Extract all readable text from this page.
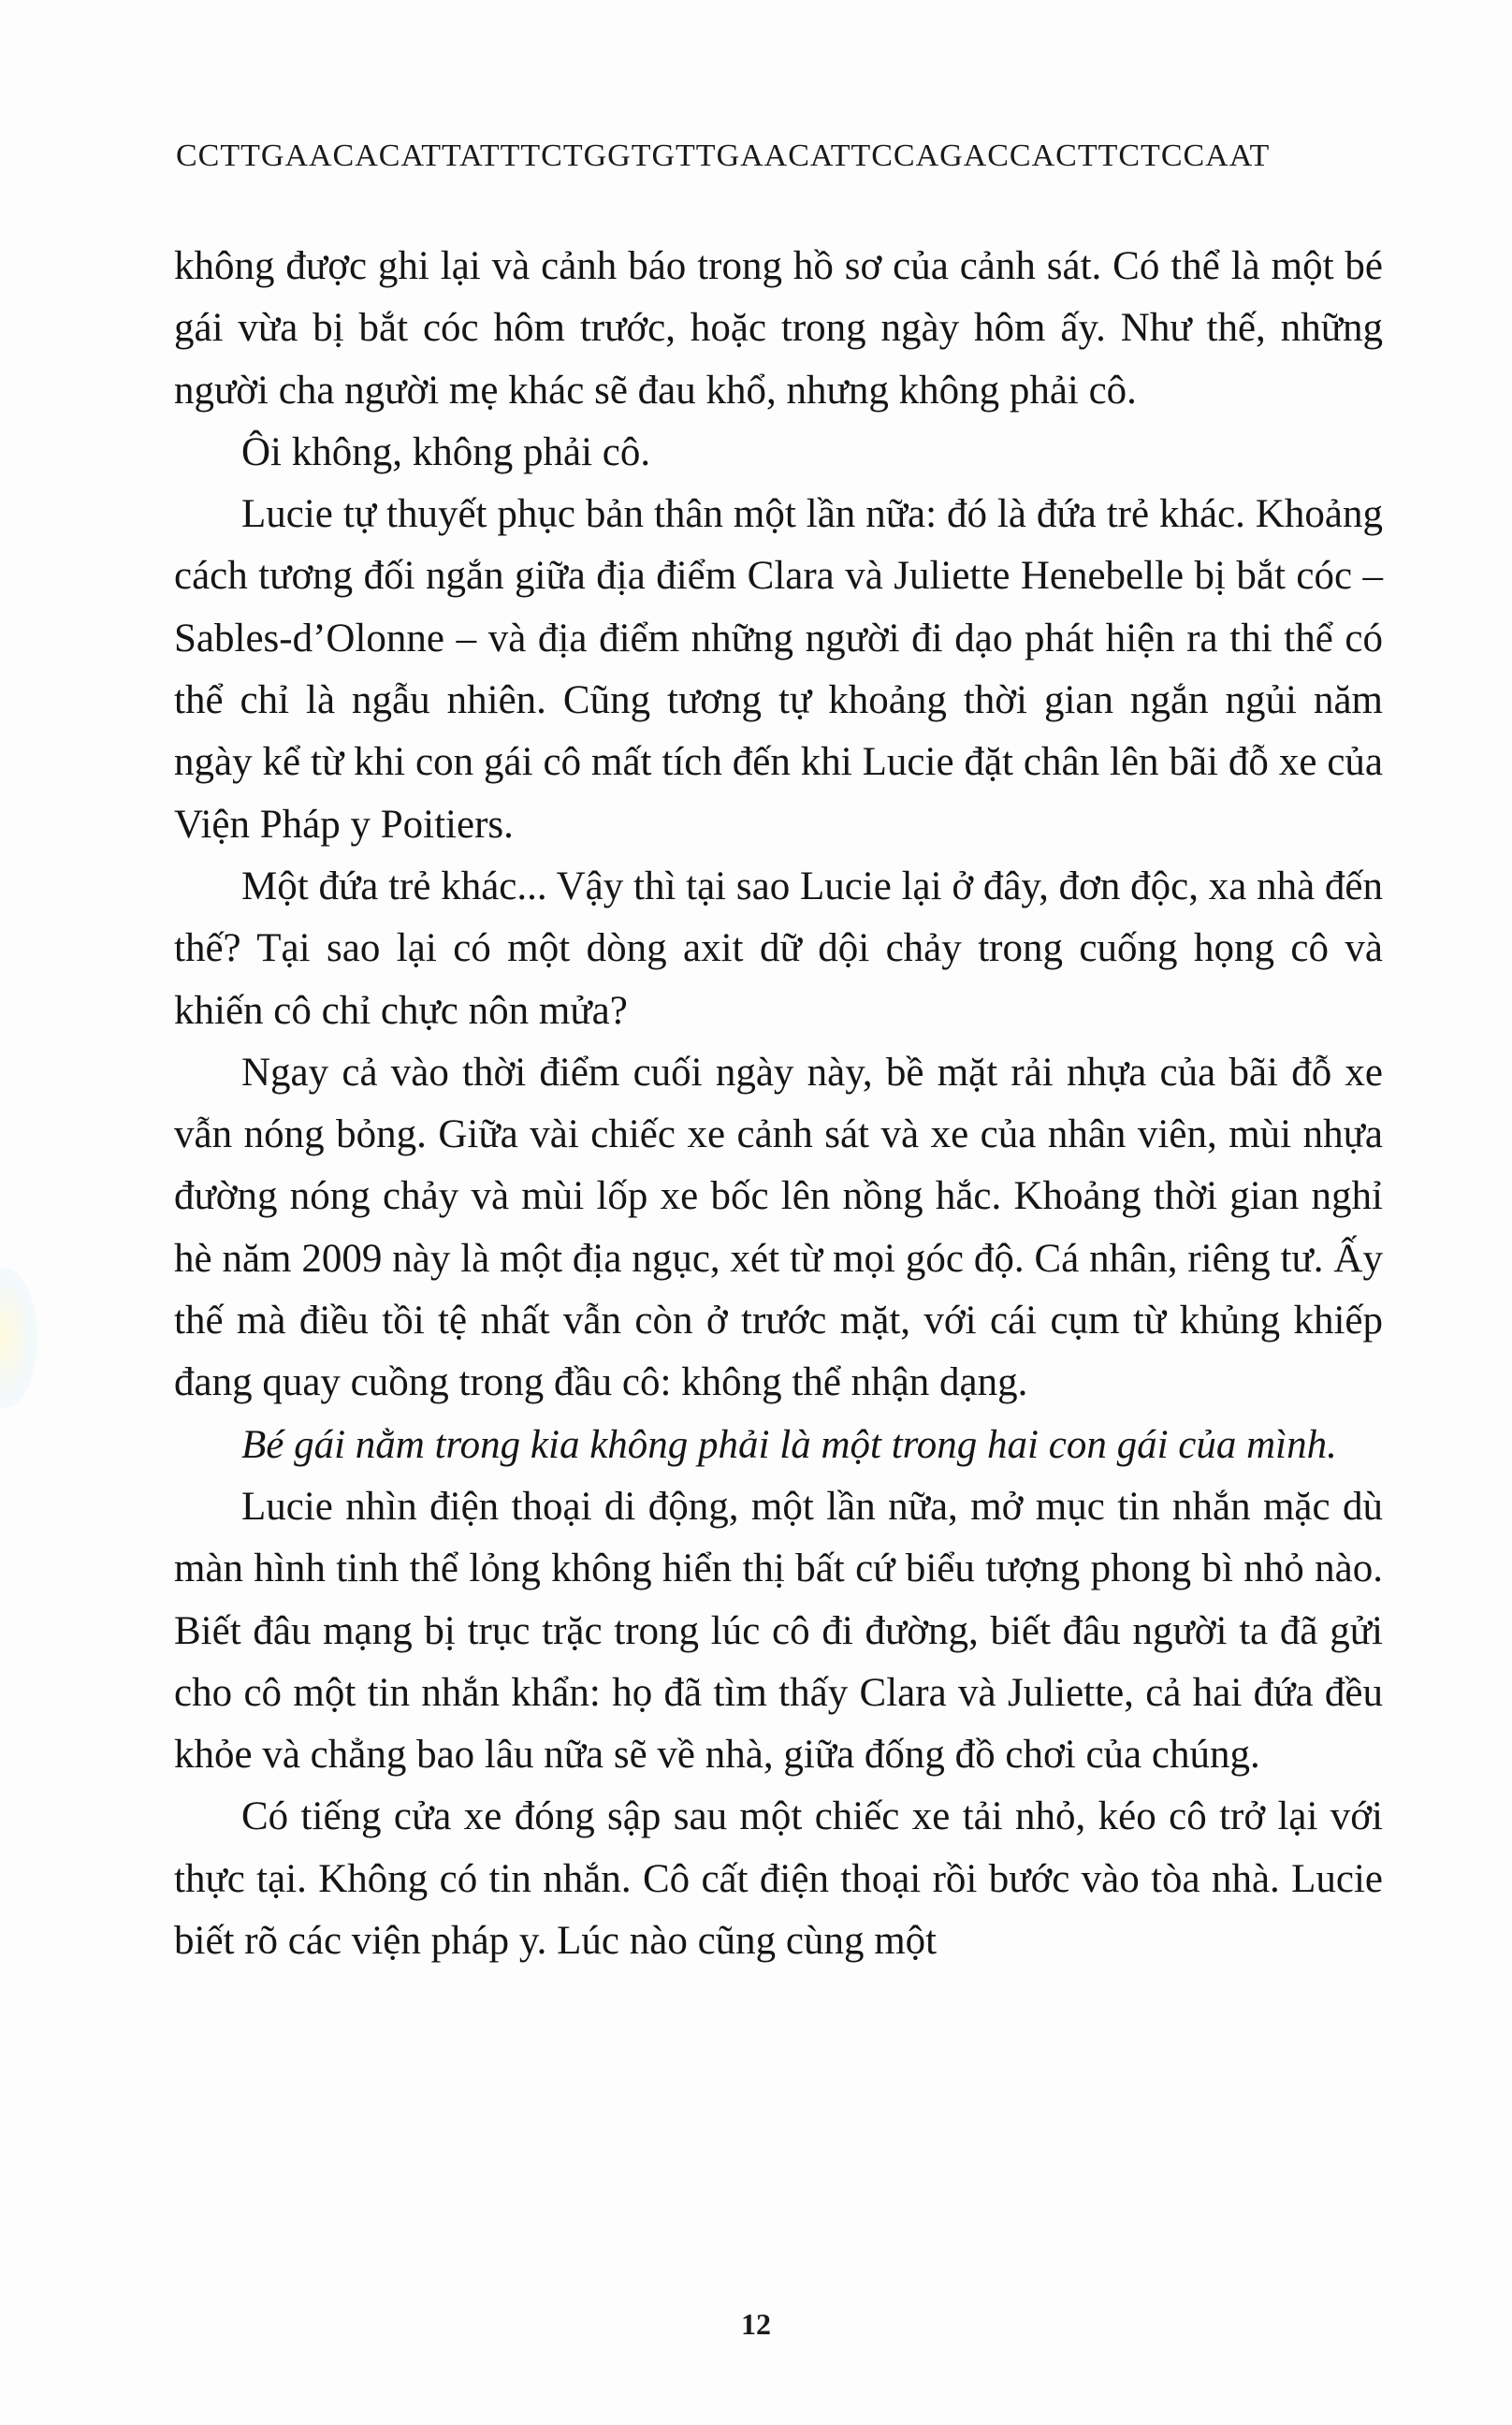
CCTTGAACACATTATTTCTGGTGTTGAACATTCCAGACCACTTCTCCAAT

không được ghi lại và cảnh báo trong hồ sơ của cảnh sát. Có thể là một bé gái vừa bị bắt cóc hôm trước, hoặc trong ngày hôm ấy. Như thế, những người cha người mẹ khác sẽ đau khổ, nhưng không phải cô.

Ôi không, không phải cô.

Lucie tự thuyết phục bản thân một lần nữa: đó là đứa trẻ khác. Khoảng cách tương đối ngắn giữa địa điểm Clara và Juliette Henebelle bị bắt cóc – Sables-d’Olonne – và địa điểm những người đi dạo phát hiện ra thi thể có thể chỉ là ngẫu nhiên. Cũng tương tự khoảng thời gian ngắn ngủi năm ngày kể từ khi con gái cô mất tích đến khi Lucie đặt chân lên bãi đỗ xe của Viện Pháp y Poitiers.

Một đứa trẻ khác... Vậy thì tại sao Lucie lại ở đây, đơn độc, xa nhà đến thế? Tại sao lại có một dòng axit dữ dội chảy trong cuống họng cô và khiến cô chỉ chực nôn mửa?

Ngay cả vào thời điểm cuối ngày này, bề mặt rải nhựa của bãi đỗ xe vẫn nóng bỏng. Giữa vài chiếc xe cảnh sát và xe của nhân viên, mùi nhựa đường nóng chảy và mùi lốp xe bốc lên nồng hắc. Khoảng thời gian nghỉ hè năm 2009 này là một địa ngục, xét từ mọi góc độ. Cá nhân, riêng tư. Ấy thế mà điều tồi tệ nhất vẫn còn ở trước mặt, với cái cụm từ khủng khiếp đang quay cuồng trong đầu cô: không thể nhận dạng.

Bé gái nằm trong kia không phải là một trong hai con gái của mình.

Lucie nhìn điện thoại di động, một lần nữa, mở mục tin nhắn mặc dù màn hình tinh thể lỏng không hiển thị bất cứ biểu tượng phong bì nhỏ nào. Biết đâu mạng bị trục trặc trong lúc cô đi đường, biết đâu người ta đã gửi cho cô một tin nhắn khẩn: họ đã tìm thấy Clara và Juliette, cả hai đứa đều khỏe và chẳng bao lâu nữa sẽ về nhà, giữa đống đồ chơi của chúng.

Có tiếng cửa xe đóng sập sau một chiếc xe tải nhỏ, kéo cô trở lại với thực tại. Không có tin nhắn. Cô cất điện thoại rồi bước vào tòa nhà. Lucie biết rõ các viện pháp y. Lúc nào cũng cùng một

12
